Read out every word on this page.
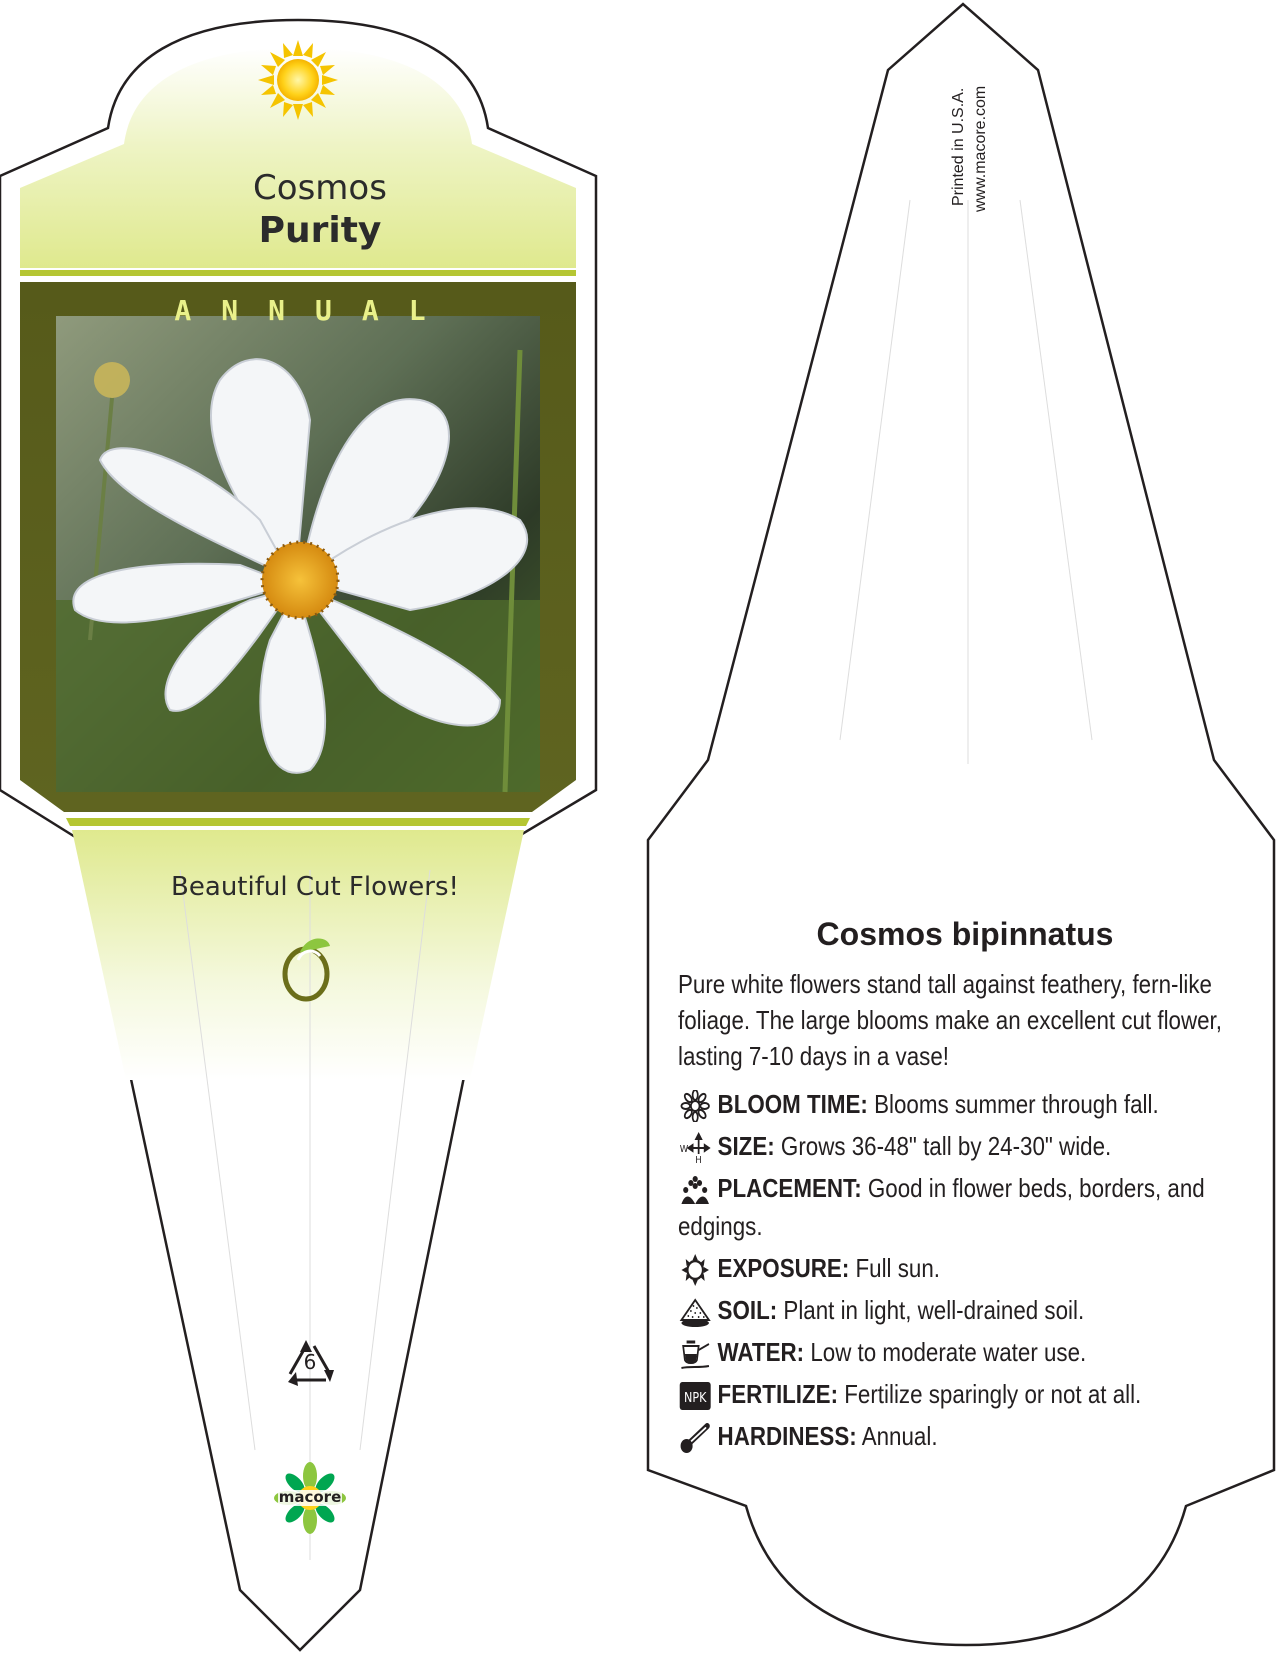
Cosmos
Purity
ANNUAL
Beautiful Cut Flowers!
6
macore
Printed in U.S.A. www.macore.com
Cosmos bipinnatus
Pure white flowers stand tall against feathery, fern-like foliage. The large blooms make an excellent cut flower, lasting 7-10 days in a vase!
BLOOM TIME: Blooms summer through fall.
W
H SIZE: Grows 36-48" tall by 24-30" wide.
PLACEMENT: Good in flower beds, borders, and
edgings.
EXPOSURE: Full sun.
SOIL: Plant in light, well-drained soil.
WATER: Low to moderate water use.
NPK FERTILIZE: Fertilize sparingly or not at all.
HARDINESS: Annual.
